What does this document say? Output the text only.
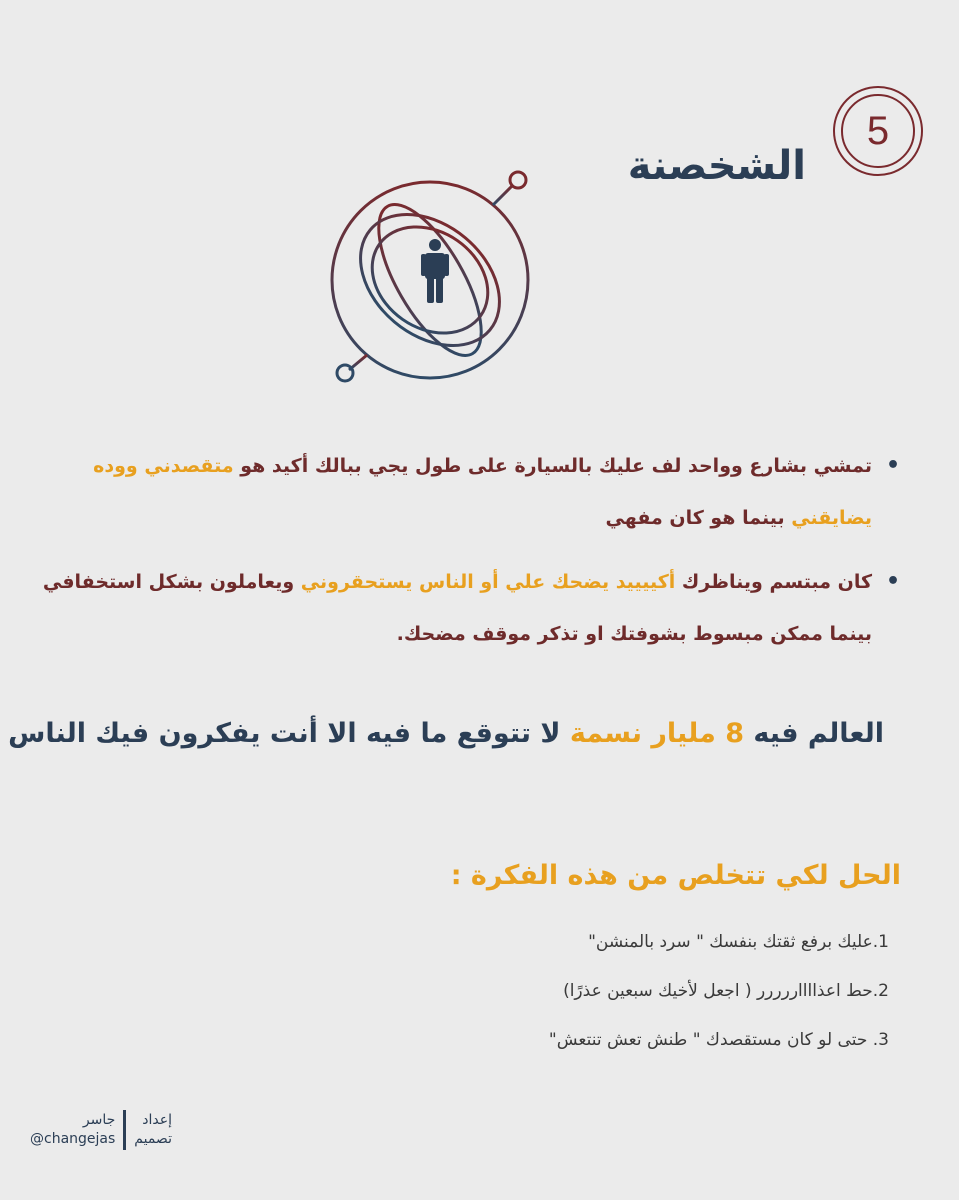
5
الشخصنة
• تمشي بشارع وواحد لف عليك بالسيارة على طول يجي ببالك أكيد هو متقصدني ووده يضايقني بينما هو كان مفهي
• كان مبتسم ويناظرك أكييييد يضحك علي أو الناس يستحقروني ويعاملون بشكل استخفافي بينما ممكن مبسوط بشوفتك او تذكر موقف مضحك.
العالم فيه 8 مليار نسمة لا تتوقع ما فيه الا أنت يفكرون فيك الناس
الحل لكي تتخلص من هذه الفكرة :
1.عليك برفع ثقتك بنفسك " سرد بالمنشن"
2.حط اعذااااررررر ( اجعل لأخيك سبعين عذرًا)
3. حتى لو كان مستقصدك " طنش تعش تنتعش"
إعداد
تصميم
جاسر
@changejas
